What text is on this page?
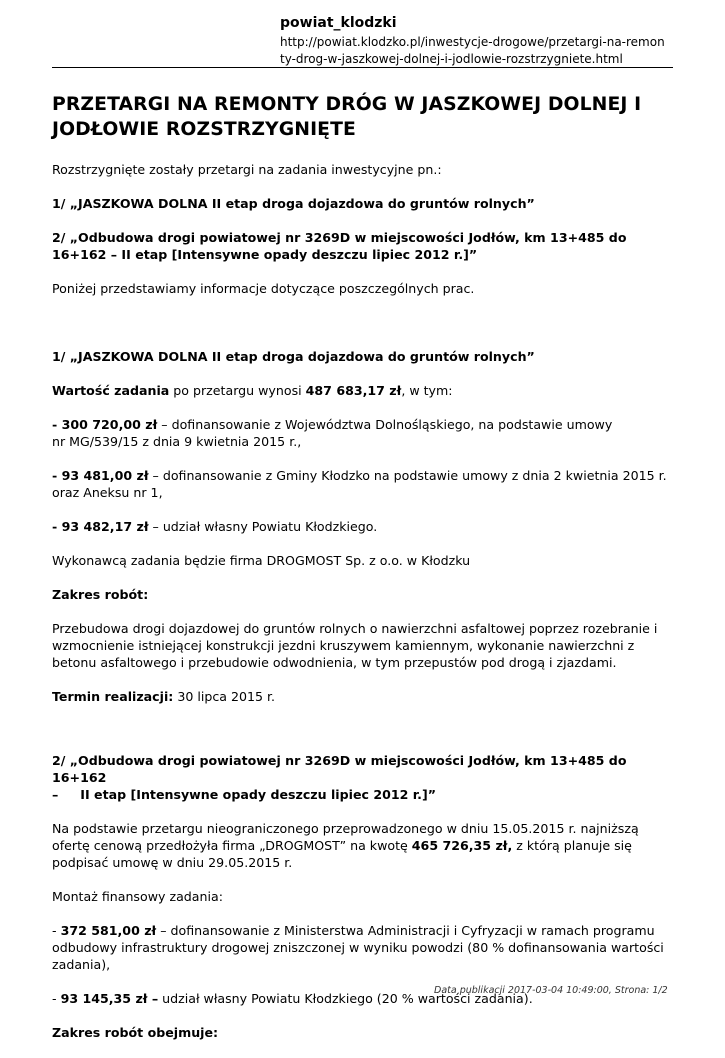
powiat_klodzki
http://powiat.klodzko.pl/inwestycje-drogowe/przetargi-na-remon
ty-drog-w-jaszkowej-dolnej-i-jodlowie-rozstrzygniete.html
PRZETARGI NA REMONTY DRÓG W JASZKOWEJ DOLNEJ I JODŁOWIE ROZSTRZYGNIĘTE

Rozstrzygnięte zostały przetargi na zadania inwestycyjne pn.:

1/ „JASZKOWA DOLNA II etap droga dojazdowa do gruntów rolnych”

2/ „Odbudowa drogi powiatowej nr 3269D w miejscowości Jodłów, km 13+485 do 16+162 – II etap [Intensywne opady deszczu lipiec 2012 r.]”

Poniżej przedstawiamy informacje dotyczące poszczególnych prac.

1/ „JASZKOWA DOLNA II etap droga dojazdowa do gruntów rolnych”

Wartość zadania po przetargu wynosi 487 683,17 zł, w tym:

- 300 720,00 zł – dofinansowanie z Województwa Dolnośląskiego, na podstawie umowynr MG/539/15 z dnia 9 kwietnia 2015 r.,

- 93 481,00 zł – dofinansowanie z Gminy Kłodzko na podstawie umowy z dnia 2 kwietnia 2015 r. oraz Aneksu nr 1,

- 93 482,17 zł – udział własny Powiatu Kłodzkiego.

Wykonawcą zadania będzie firma DROGMOST Sp. z o.o. w Kłodzku

Zakres robót:

Przebudowa drogi dojazdowej do gruntów rolnych o nawierzchni asfaltowej poprzez rozebranie i wzmocnienie istniejącej konstrukcji jezdni kruszywem kamiennym, wykonanie nawierzchni z betonu asfaltowego i przebudowie odwodnienia, w tym przepustów pod drogą i zjazdami.

Termin realizacji: 30 lipca 2015 r.

2/ „Odbudowa drogi powiatowej nr 3269D w miejscowości Jodłów, km 13+485 do 16+162
– II etap [Intensywne opady deszczu lipiec 2012 r.]”

Na podstawie przetargu nieograniczonego przeprowadzonego w dniu 15.05.2015 r. najniższą ofertę cenową przedłożyła firma „DROGMOST” na kwotę 465 726,35 zł, z którą planuje się podpisać umowę w dniu 29.05.2015 r.

Montaż finansowy zadania:

- 372 581,00 zł – dofinansowanie z Ministerstwa Administracji i Cyfryzacji w ramach programu odbudowy infrastruktury drogowej zniszczonej w wyniku powodzi (80 % dofinansowania wartości zadania),

- 93 145,35 zł – udział własny Powiatu Kłodzkiego (20 % wartości zadania).

Zakres robót obejmuje:

Data publikacji 2017-03-04 10:49:00, Strona: 1/2
